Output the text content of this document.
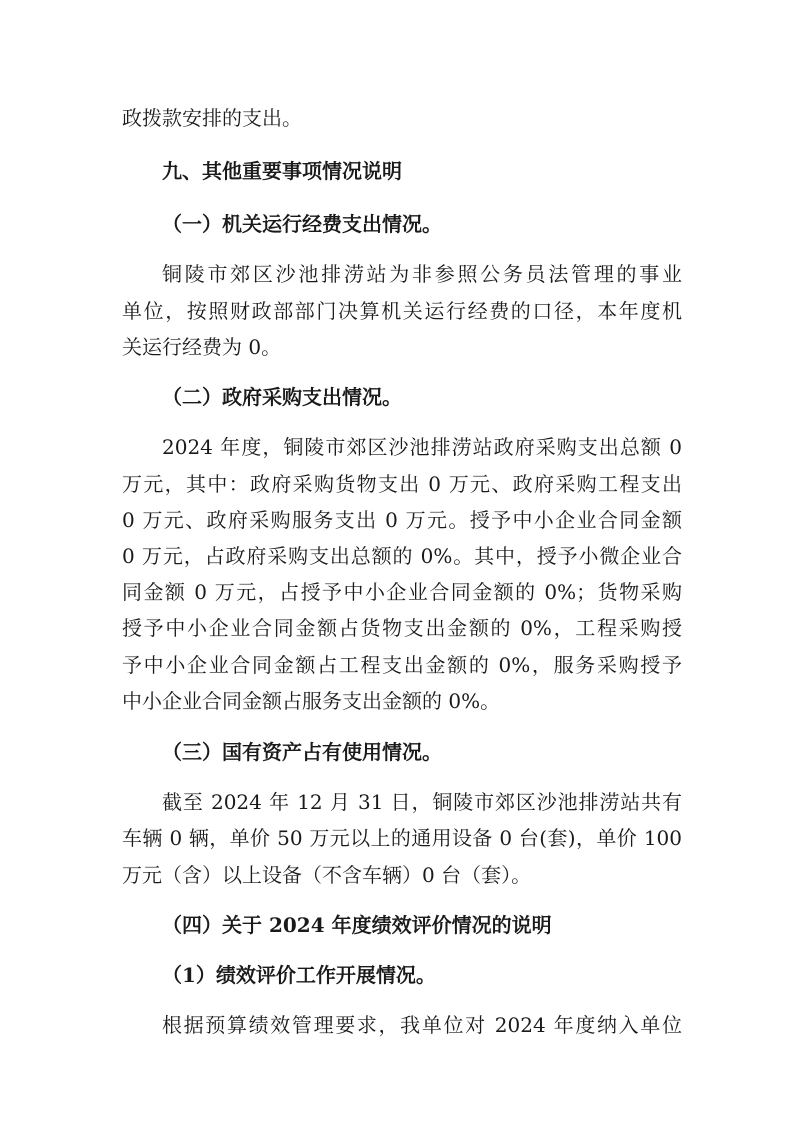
政拨款安排的支出。
九、其他重要事项情况说明
（一）机关运行经费支出情况。
铜陵市郊区沙池排涝站为非参照公务员法管理的事业
单位，按照财政部部门决算机关运行经费的口径，本年度机
关运行经费为 0。
（二）政府采购支出情况。
2024 年度，铜陵市郊区沙池排涝站政府采购支出总额 0
万元，其中：政府采购货物支出 0 万元、政府采购工程支出
0 万元、政府采购服务支出 0 万元。授予中小企业合同金额
0 万元，占政府采购支出总额的 0%。其中，授予小微企业合
同金额 0 万元，占授予中小企业合同金额的 0%；货物采购
授予中小企业合同金额占货物支出金额的 0%，工程采购授
予中小企业合同金额占工程支出金额的 0%，服务采购授予
中小企业合同金额占服务支出金额的 0%。
（三）国有资产占有使用情况。
截至 2024 年 12 月 31 日，铜陵市郊区沙池排涝站共有
车辆 0 辆，单价 50 万元以上的通用设备 0 台(套)，单价 100
万元（含）以上设备（不含车辆）0 台（套）。
（四）关于 2024 年度绩效评价情况的说明
（1）绩效评价工作开展情况。
根据预算绩效管理要求，我单位对 2024 年度纳入单位
